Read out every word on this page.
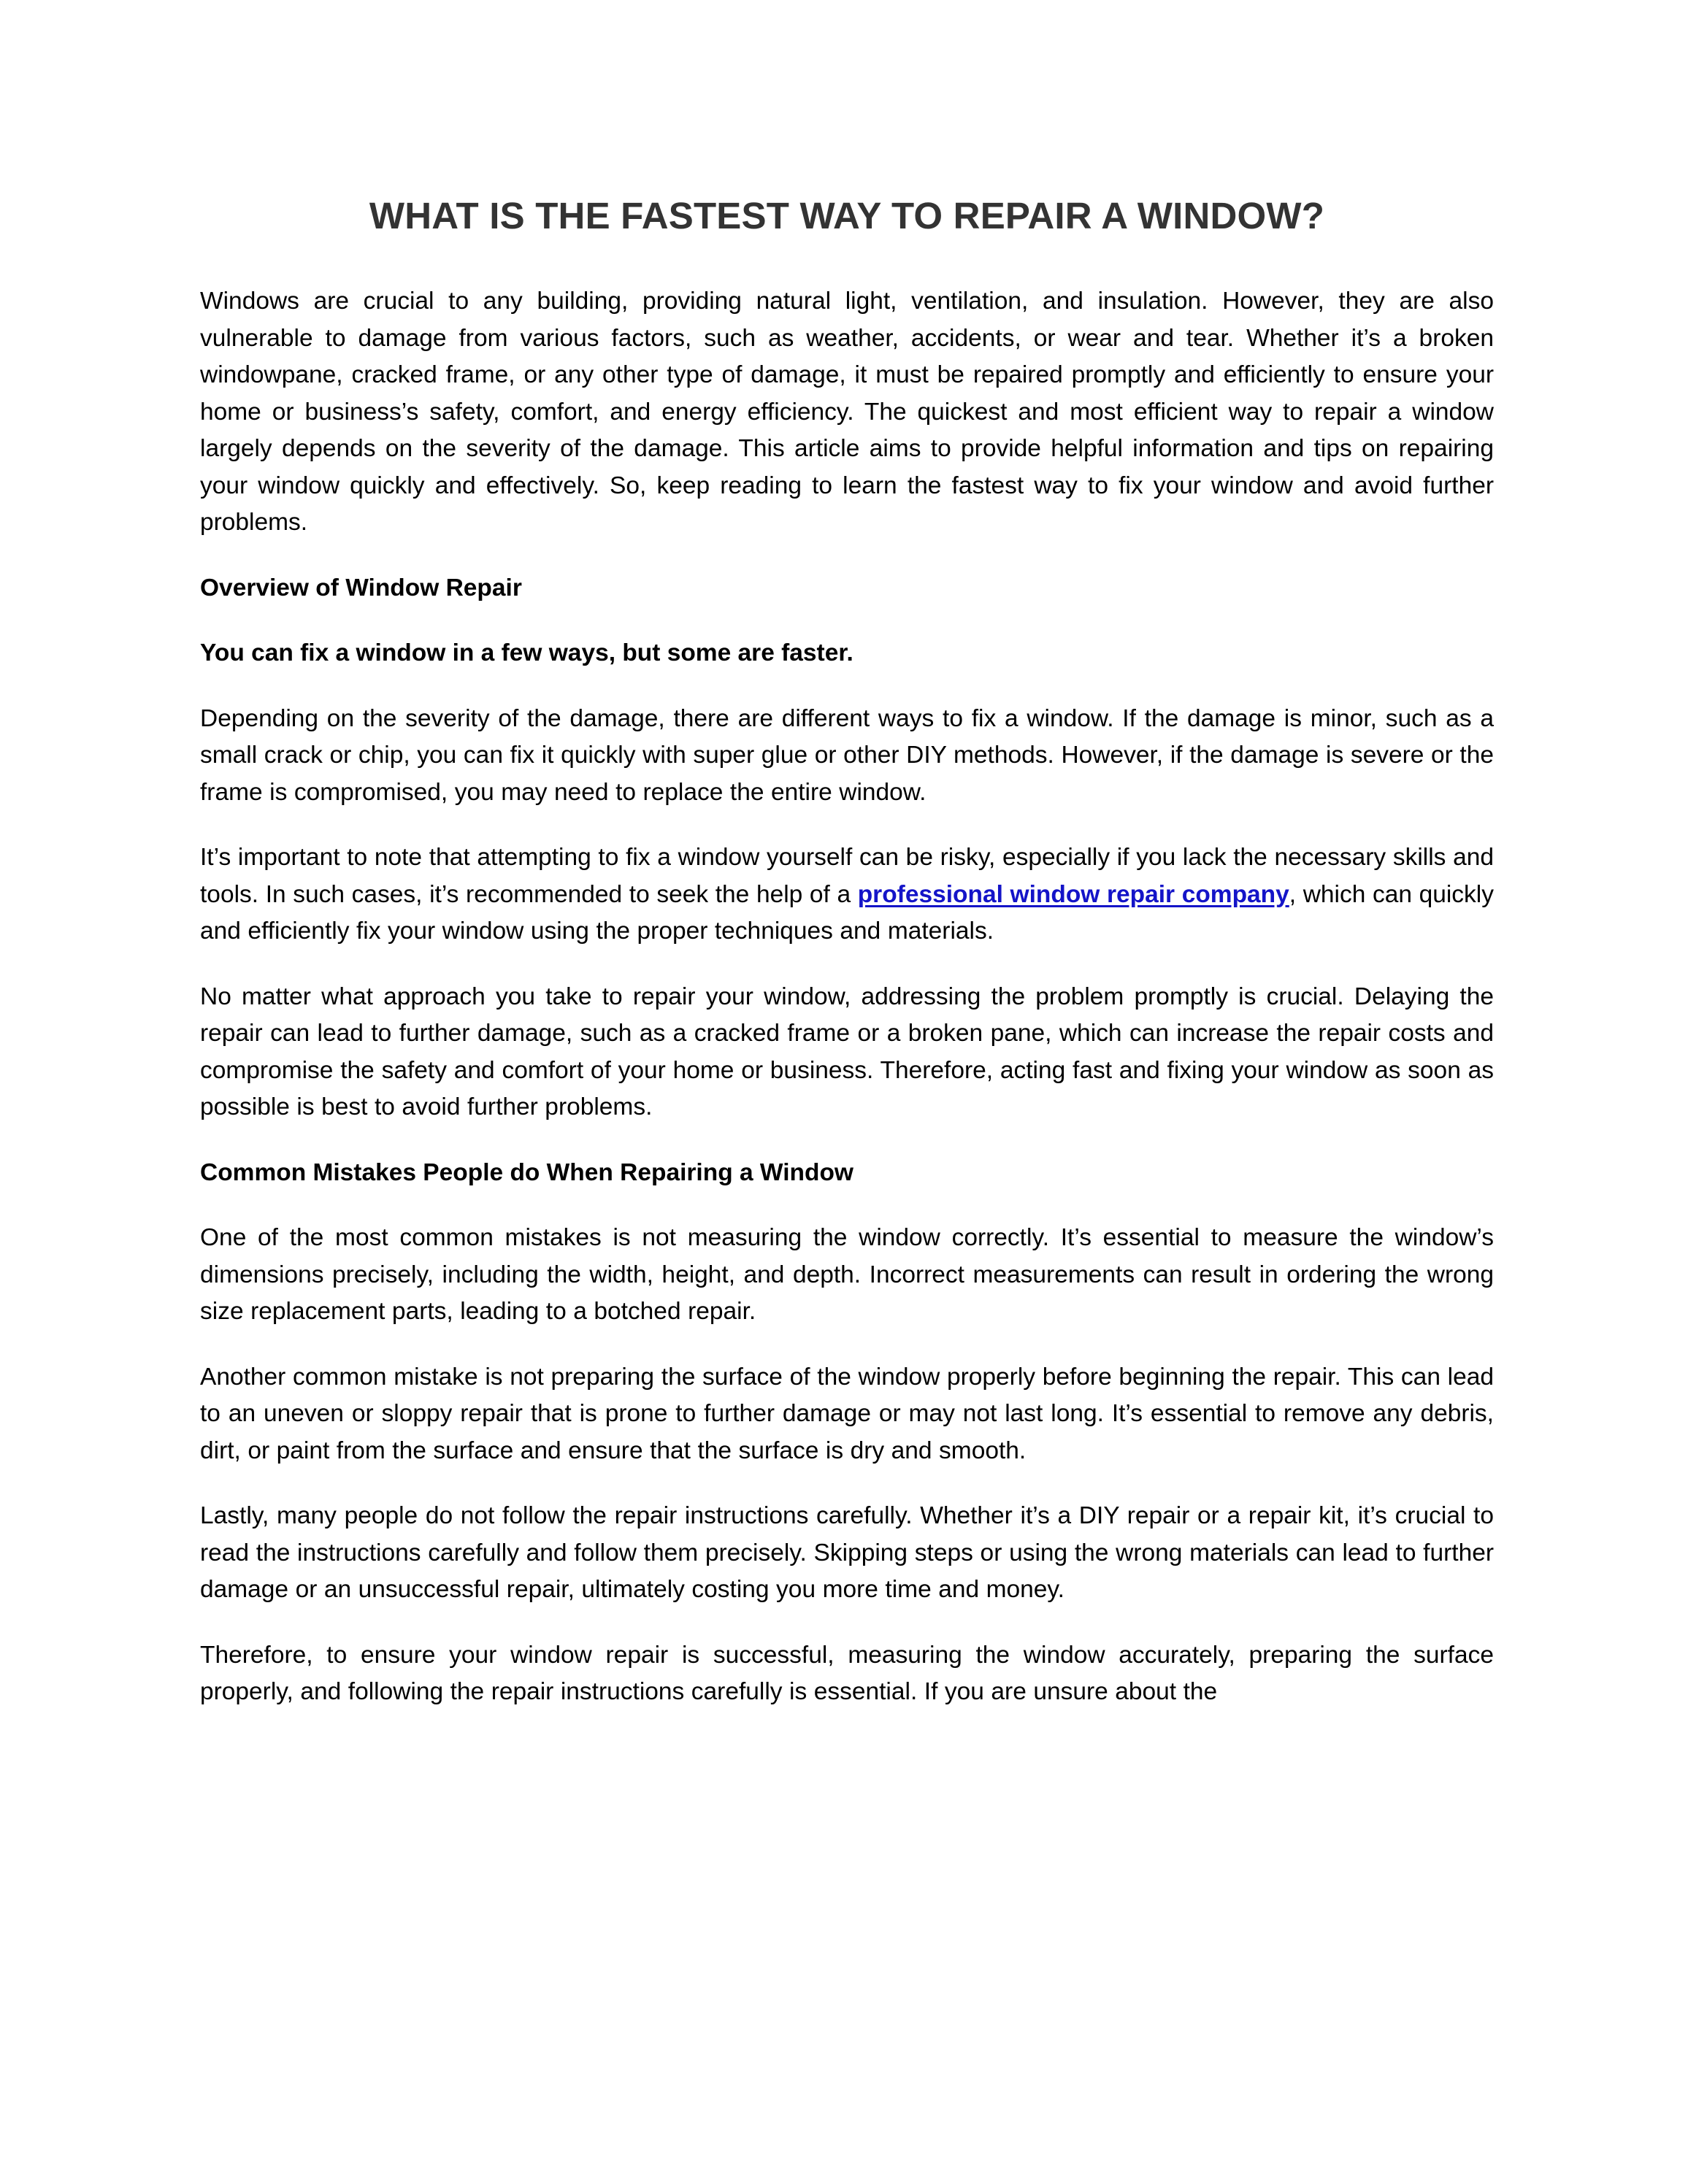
WHAT IS THE FASTEST WAY TO REPAIR A WINDOW?

Windows are crucial to any building, providing natural light, ventilation, and insulation. However, they are also vulnerable to damage from various factors, such as weather, accidents, or wear and tear. Whether it’s a broken windowpane, cracked frame, or any other type of damage, it must be repaired promptly and efficiently to ensure your home or business’s safety, comfort, and energy efficiency. The quickest and most efficient way to repair a window largely depends on the severity of the damage. This article aims to provide helpful information and tips on repairing your window quickly and effectively. So, keep reading to learn the fastest way to fix your window and avoid further problems.

Overview of Window Repair

You can fix a window in a few ways, but some are faster.

Depending on the severity of the damage, there are different ways to fix a window. If the damage is minor, such as a small crack or chip, you can fix it quickly with super glue or other DIY methods. However, if the damage is severe or the frame is compromised, you may need to replace the entire window.

It’s important to note that attempting to fix a window yourself can be risky, especially if you lack the necessary skills and tools. In such cases, it’s recommended to seek the help of a professional window repair company, which can quickly and efficiently fix your window using the proper techniques and materials.

No matter what approach you take to repair your window, addressing the problem promptly is crucial. Delaying the repair can lead to further damage, such as a cracked frame or a broken pane, which can increase the repair costs and compromise the safety and comfort of your home or business. Therefore, acting fast and fixing your window as soon as possible is best to avoid further problems.

Common Mistakes People do When Repairing a Window

One of the most common mistakes is not measuring the window correctly. It’s essential to measure the window’s dimensions precisely, including the width, height, and depth. Incorrect measurements can result in ordering the wrong size replacement parts, leading to a botched repair.

Another common mistake is not preparing the surface of the window properly before beginning the repair. This can lead to an uneven or sloppy repair that is prone to further damage or may not last long. It’s essential to remove any debris, dirt, or paint from the surface and ensure that the surface is dry and smooth.

Lastly, many people do not follow the repair instructions carefully. Whether it’s a DIY repair or a repair kit, it’s crucial to read the instructions carefully and follow them precisely. Skipping steps or using the wrong materials can lead to further damage or an unsuccessful repair, ultimately costing you more time and money.

Therefore, to ensure your window repair is successful, measuring the window accurately, preparing the surface properly, and following the repair instructions carefully is essential. If you are unsure about the
